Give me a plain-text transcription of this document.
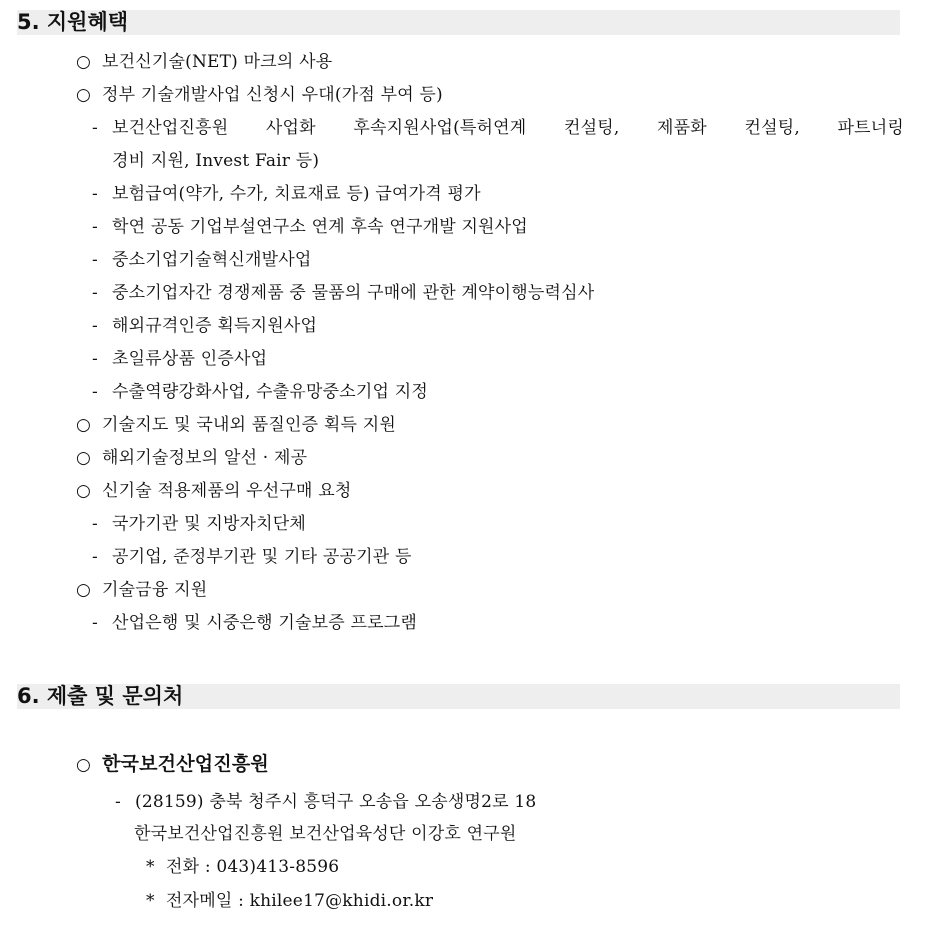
5. 지원혜택
○ 보건신기술(NET) 마크의 사용
○ 정부 기술개발사업 신청시 우대(가점 부여 등)
- 보건산업진흥원 사업화 후속지원사업(특허연계 컨설팅, 제품화 컨설팅, 파트너링
경비 지원, Invest Fair 등)
- 보험급여(약가, 수가, 치료재료 등) 급여가격 평가
- 학연 공동 기업부설연구소 연계 후속 연구개발 지원사업
- 중소기업기술혁신개발사업
- 중소기업자간 경쟁제품 중 물품의 구매에 관한 계약이행능력심사
- 해외규격인증 획득지원사업
- 초일류상품 인증사업
- 수출역량강화사업, 수출유망중소기업 지정
○ 기술지도 및 국내외 품질인증 획득 지원
○ 해외기술정보의 알선 · 제공
○ 신기술 적용제품의 우선구매 요청
- 국가기관 및 지방자치단체
- 공기업, 준정부기관 및 기타 공공기관 등
○ 기술금융 지원
- 산업은행 및 시중은행 기술보증 프로그램
6. 제출 및 문의처
○ 한국보건산업진흥원
- (28159) 충북 청주시 흥덕구 오송읍 오송생명2로 18
한국보건산업진흥원 보건산업육성단 이강호 연구원
* 전화 : 043)413-8596
* 전자메일 : khilee17@khidi.or.kr
